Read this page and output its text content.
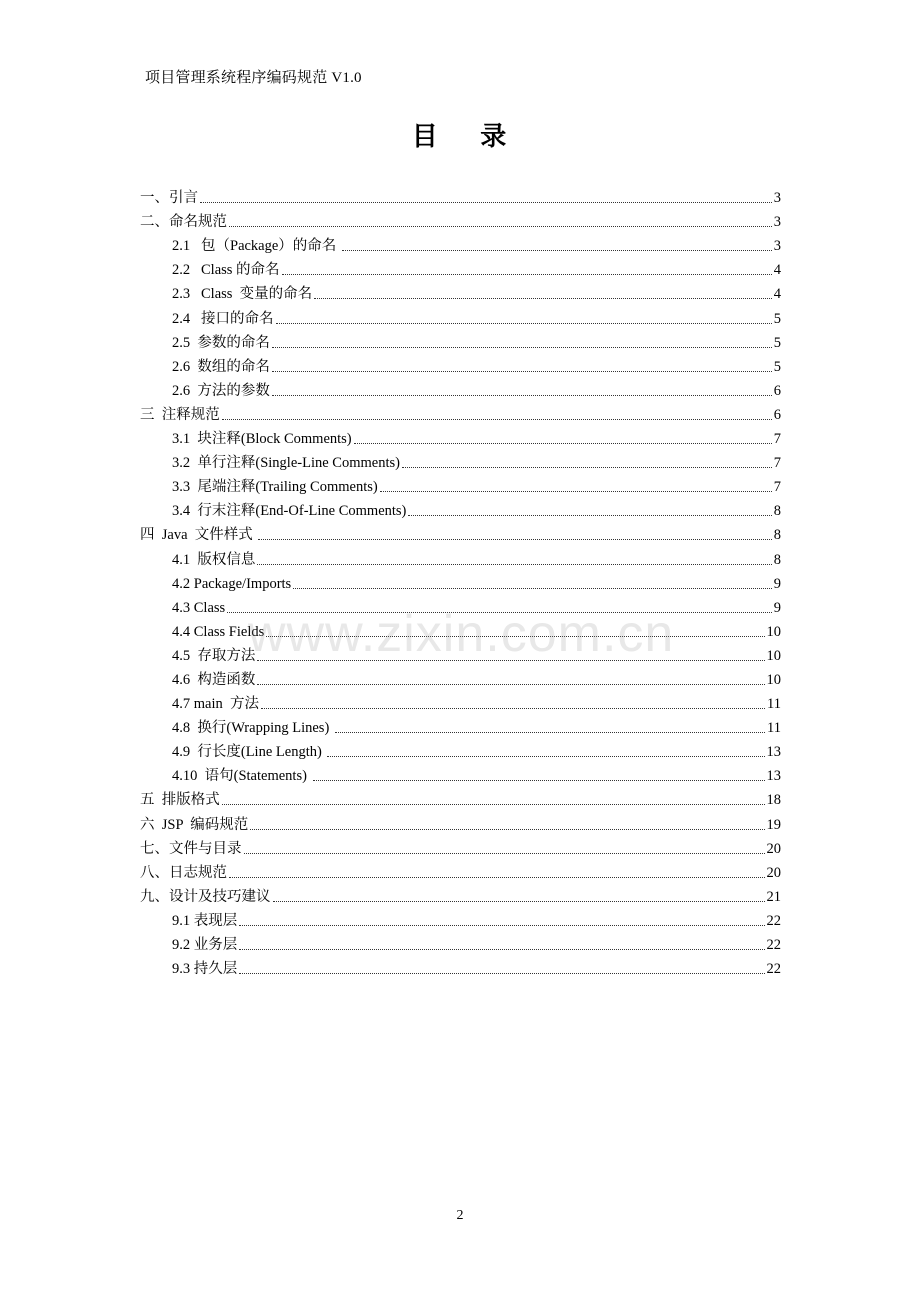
项目管理系统程序编码规范 V1.0
目 录
一、引言	3
二、命名规范	3
2.1   包（Package）的命名	3
2.2   Class 的命名	4
2.3   Class  变量的命名	4
2.4   接口的命名	5
2.5  参数的命名	5
2.6  数组的命名	5
2.6  方法的参数	6
三  注释规范	6
3.1  块注释(Block Comments)	7
3.2  单行注释(Single-Line Comments)	7
3.3  尾端注释(Trailing Comments)	7
3.4  行末注释(End-Of-Line Comments)	8
四  Java  文件样式	8
4.1  版权信息	8
4.2 Package/Imports	9
4.3 Class	9
4.4 Class Fields	10
4.5  存取方法	10
4.6  构造函数	10
4.7 main  方法	11
4.8  换行(Wrapping Lines)	11
4.9  行长度(Line Length)	13
4.10  语句(Statements)	13
五  排版格式	18
六  JSP  编码规范	19
七、文件与目录	20
八、日志规范	20
九、设计及技巧建议	21
9.1 表现层	22
9.2 业务层	22
9.3 持久层	22
www.zixin.com.cn
2
